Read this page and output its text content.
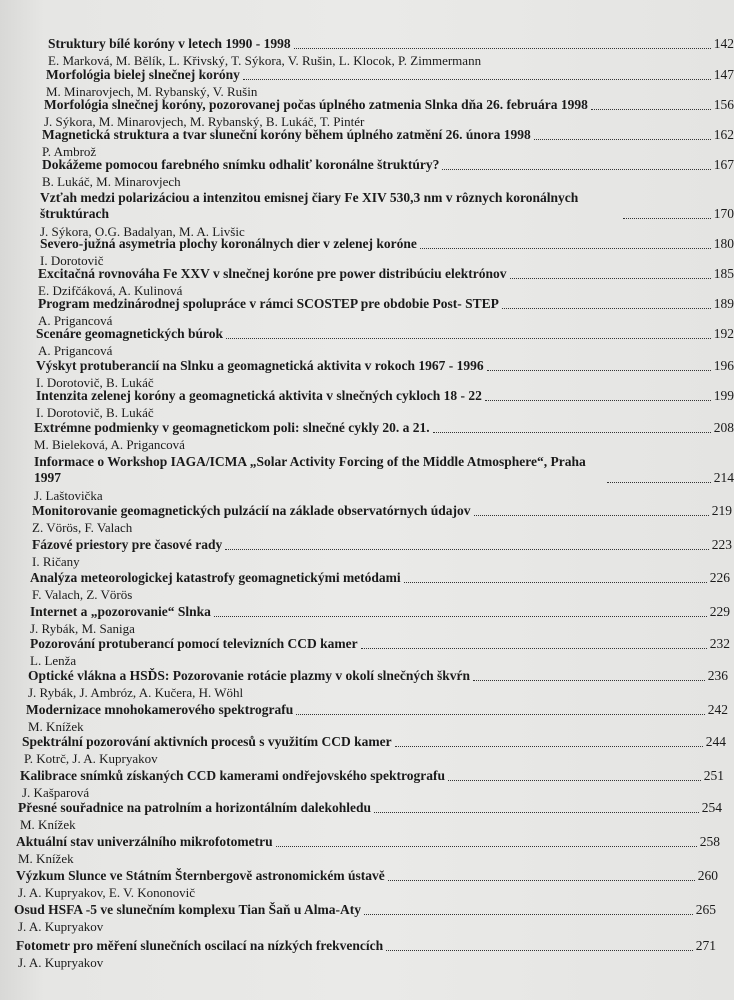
E. Marková, M. Bělík, L. Křivský, T. Sýkora, V. Rušin, L. Klocok, P. Zimmermann
Struktury bílé koróny v letech 1990 - 1998	142
M. Minarovjech, M. Rybanský, V. Rušin
Morfológia bielej slnečnej koróny	147
J. Sýkora, M. Minarovjech, M. Rybanský, B. Lukáč, T. Pintér
Morfológia slnečnej koróny, pozorovanej počas úplného zatmenia Slnka dňa 26. februára 1998	156
P. Ambrož
Magnetická struktura a tvar sluneční koróny během úplného zatmění 26. února 1998	162
B. Lukáč, M. Minarovjech
Dokážeme pomocou farebného snímku odhaliť koronálne štruktúry?	167
J. Sýkora, O.G. Badalyan, M. A. Livšic
Vzťah medzi polarizáciou a intenzitou emisnej čiary Fe XIV 530,3 nm v rôznych koronálnych štruktúrach	170
I. Dorotovič
Severo-južná asymetria plochy koronálnych dier v zelenej koróne	180
E. Dzifčáková, A. Kulinová
Excitačná rovnováha Fe XXV v slnečnej koróne pre power distribúciu elektrónov	185
A. Prigancová
Program medzinárodnej spolupráce v rámci SCOSTEP pre obdobie Post- STEP	189
A. Prigancová
Scenáre geomagnetických búrok	192
I. Dorotovič, B. Lukáč
Výskyt protuberancií na Slnku a geomagnetická aktivita v rokoch 1967 - 1996	196
I. Dorotovič, B. Lukáč
Intenzita zelenej koróny a geomagnetická aktivita v slnečných cykloch 18 - 22	199
M. Bieleková, A. Prigancová
Extrémne podmienky v geomagnetickom poli: slnečné cykly 20. a 21.	208
J. Laštovička
Informace o Workshop IAGA/ICMA „Solar Activity Forcing of the Middle Atmosphere“, Praha 1997	214
Z. Vörös, F. Valach
Monitorovanie geomagnetických pulzácií na základe observatórnych údajov	219
I. Ričany
Fázové priestory pre časové rady	223
F. Valach, Z. Vörös
Analýza meteorologickej katastrofy geomagnetickými metódami	226
J. Rybák, M. Saniga
Internet a „pozorovanie“ Slnka	229
L. Lenža
Pozorování protuberancí pomocí televizních CCD kamer	232
J. Rybák, J. Ambróz, A. Kučera, H. Wöhl
Optické vlákna a HSĎS: Pozorovanie rotácie plazmy v okolí slnečných škvŕn	236
M. Knížek
Modernizace mnohokamerového spektrografu	242
P. Kotrč, J. A. Kupryakov
Spektrální pozorování aktivních procesů s využitím CCD kamer	244
J. Kašparová
Kalibrace snímků získaných CCD kamerami ondřejovského spektrografu	251
M. Knížek
Přesné souřadnice na patrolním a horizontálním dalekohledu	254
M. Knížek
Aktuální stav univerzálního mikrofotometru	258
J. A. Kupryakov, E. V. Kononovič
Výzkum Slunce ve Státním Šternbergově astronomickém ústavě	260
J. A. Kupryakov
Osud HSFA -5 ve slunečním komplexu Tian Šaň u Alma-Aty	265
J. A. Kupryakov
Fotometr pro měření slunečních oscilací na nízkých frekvencích	271
